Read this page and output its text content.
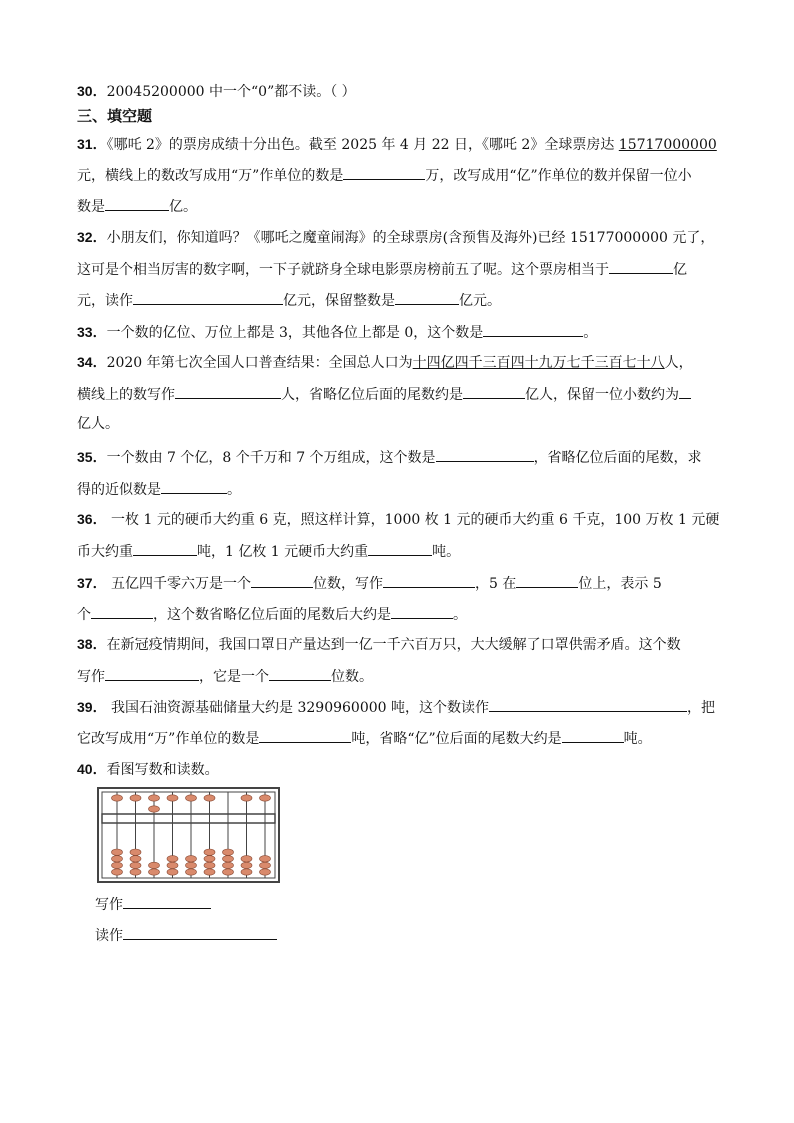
30．20045200000 中一个“0”都不读。（ ）
三、填空题
31．《哪吒 2》的票房成绩十分出色。截至 2025 年 4 月 22 日，《哪吒 2》全球票房达 15717000000
元，横线上的数改写成用“万”作单位的数是	万，改写成用“亿”作单位的数并保留一位小
数是	亿。
32．小朋友们，你知道吗？《哪吒之魔童闹海》的全球票房(含预售及海外)已经 15177000000 元了，
这可是个相当厉害的数字啊，一下子就跻身全球电影票房榜前五了呢。这个票房相当于	亿
元，读作	亿元，保留整数是	亿元。
33．一个数的亿位、万位上都是 3，其他各位上都是 0，这个数是	。
34．2020 年第七次全国人口普查结果：全国总人口为十四亿四千三百四十九万七千三百七十八人，
横线上的数写作	人，省略亿位后面的尾数约是	亿人，保留一位小数约为
亿人。
35．一个数由 7 个亿，8 个千万和 7 个万组成，这个数是	，省略亿位后面的尾数，求
得的近似数是	。
36． 一枚 1 元的硬币大约重 6 克，照这样计算，1000 枚 1 元的硬币大约重 6 千克，100 万枚 1 元硬
币大约重	吨，1 亿枚 1 元硬币大约重	吨。
37． 五亿四千零六万是一个	位数，写作	，5 在	位上，表示 5
个	，这个数省略亿位后面的尾数后大约是	。
38．在新冠疫情期间，我国口罩日产量达到一亿一千六百万只，大大缓解了口罩供需矛盾。这个数
写作	，它是一个	位数。
39． 我国石油资源基础储量大约是 3290960000 吨，这个数读作	，把
它改写成用“万”作单位的数是	吨，省略“亿”位后面的尾数大约是	吨。
40．看图写数和读数。
写作
读作
